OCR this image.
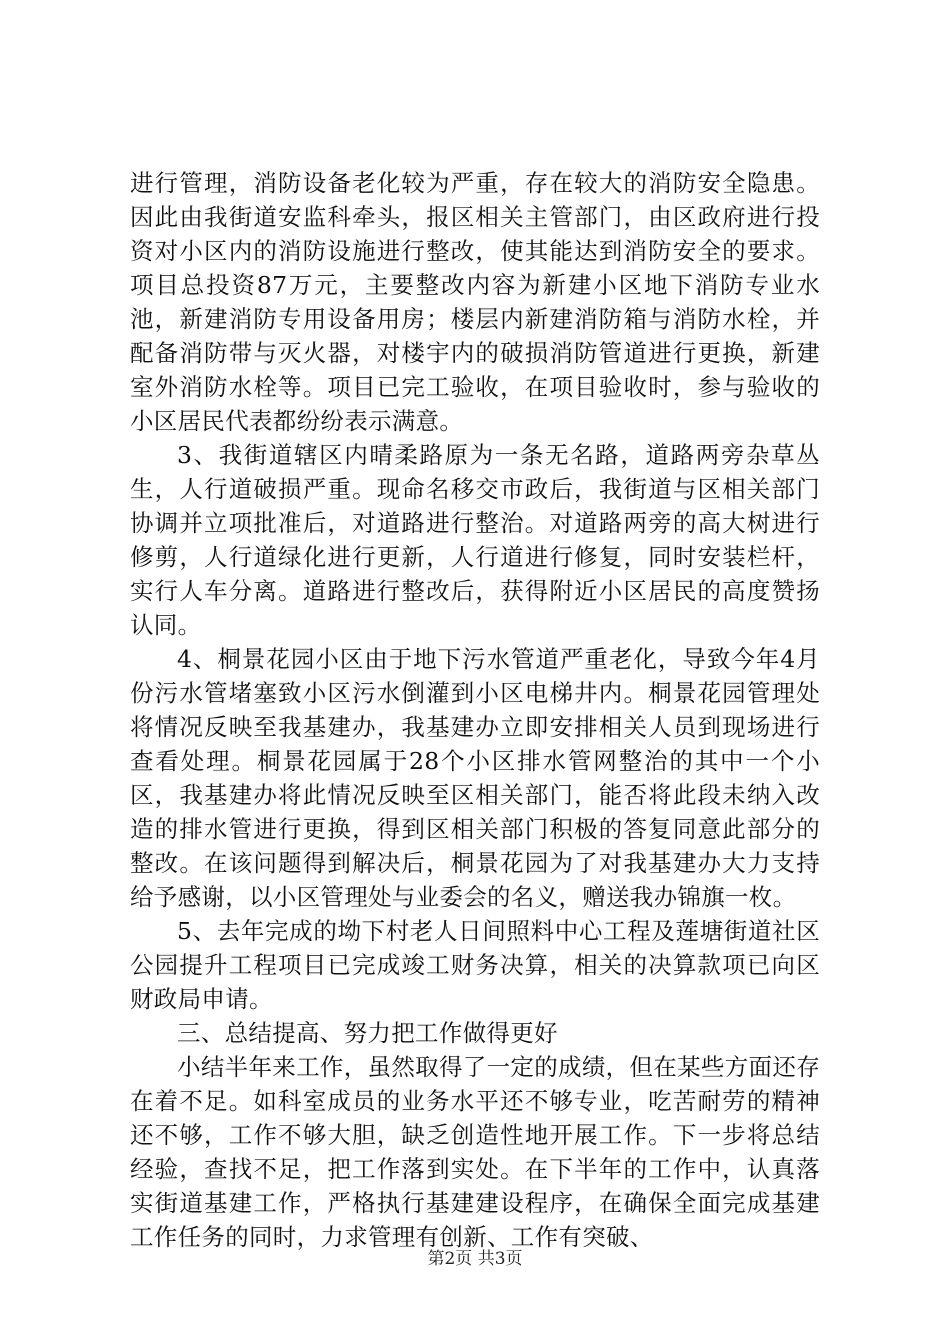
进行管理，消防设备老化较为严重，存在较大的消防安全隐患。因此由我街道安监科牵头，报区相关主管部门，由区政府进行投资对小区内的消防设施进行整改，使其能达到消防安全的要求。项目总投资87万元，主要整改内容为新建小区地下消防专业水池，新建消防专用设备用房；楼层内新建消防箱与消防水栓，并配备消防带与灭火器，对楼宇内的破损消防管道进行更换，新建室外消防水栓等。项目已完工验收，在项目验收时，参与验收的小区居民代表都纷纷表示满意。

3、我街道辖区内晴柔路原为一条无名路，道路两旁杂草丛生，人行道破损严重。现命名移交市政后，我街道与区相关部门协调并立项批准后，对道路进行整治。对道路两旁的高大树进行修剪，人行道绿化进行更新，人行道进行修复，同时安装栏杆，实行人车分离。道路进行整改后，获得附近小区居民的高度赞扬认同。

4、桐景花园小区由于地下污水管道严重老化，导致今年4月份污水管堵塞致小区污水倒灌到小区电梯井内。桐景花园管理处将情况反映至我基建办，我基建办立即安排相关人员到现场进行查看处理。桐景花园属于28个小区排水管网整治的其中一个小区，我基建办将此情况反映至区相关部门，能否将此段未纳入改造的排水管进行更换，得到区相关部门积极的答复同意此部分的整改。在该问题得到解决后，桐景花园为了对我基建办大力支持给予感谢，以小区管理处与业委会的名义，赠送我办锦旗一枚。

5、去年完成的坳下村老人日间照料中心工程及莲塘街道社区公园提升工程项目已完成竣工财务决算，相关的决算款项已向区财政局申请。

三、总结提高、努力把工作做得更好

小结半年来工作，虽然取得了一定的成绩，但在某些方面还存在着不足。如科室成员的业务水平还不够专业，吃苦耐劳的精神还不够，工作不够大胆，缺乏创造性地开展工作。下一步将总结经验，查找不足，把工作落到实处。在下半年的工作中，认真落实街道基建工作，严格执行基建建设程序，在确保全面完成基建工作任务的同时，力求管理有创新、工作有突破、

第2页 共3页
